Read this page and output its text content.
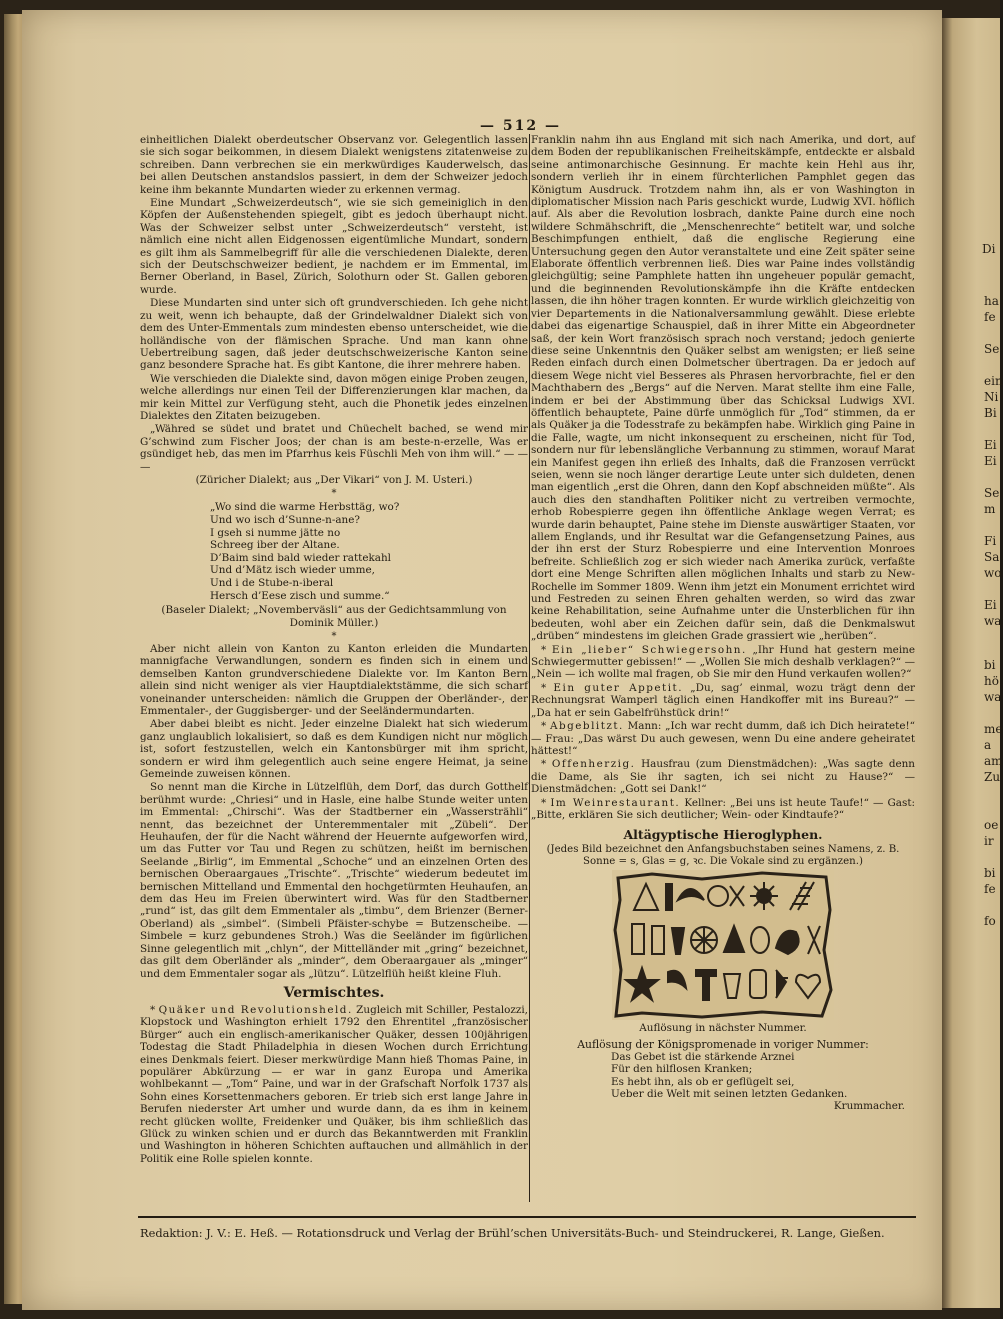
— 512 —

einheitlichen Dialekt oberdeutscher Observanz vor. Gelegentlich lassen sie sich sogar beikommen, in diesem Dialekt wenigstens zitatenweise zu schreiben. Dann verbrechen sie ein merkwürdiges Kauderwelsch, das bei allen Deutschen anstandslos passiert, in dem der Schweizer jedoch keine ihm bekannte Mundarten wieder zu erkennen vermag.

Eine Mundart „Schweizerdeutsch“, wie sie sich gemeiniglich in den Köpfen der Außenstehenden spiegelt, gibt es jedoch überhaupt nicht. Was der Schweizer selbst unter „Schweizerdeutsch“ versteht, ist nämlich eine nicht allen Eidgenossen eigentümliche Mundart, sondern es gilt ihm als Sammelbegriff für alle die verschiedenen Dialekte, deren sich der Deutschschweizer bedient, je nachdem er im Emmental, im Berner Oberland, in Basel, Zürich, Solothurn oder St. Gallen geboren wurde.

Diese Mundarten sind unter sich oft grundverschieden. Ich gehe nicht zu weit, wenn ich behaupte, daß der Grindelwaldner Dialekt sich von dem des Unter-Emmentals zum mindesten ebenso unterscheidet, wie die holländische von der flämischen Sprache. Und man kann ohne Uebertreibung sagen, daß jeder deutschschweizerische Kanton seine ganz besondere Sprache hat. Es gibt Kantone, die ihrer mehrere haben.

Wie verschieden die Dialekte sind, davon mögen einige Proben zeugen, welche allerdings nur einen Teil der Differenzierungen klar machen, da mir kein Mittel zur Verfügung steht, auch die Phonetik jedes einzelnen Dialektes den Zitaten beizugeben.

„Währed se südet und bratet und Chüechelt bached, se wend mir G’schwind zum Fischer Joos; der chan is am beste-n-erzelle, Was er gsündiget heb, das men im Pfarrhus keis Füschli Meh von ihm will.“ — — —

(Züricher Dialekt; aus „Der Vikari“ von J. M. Usteri.)
*
„Wo sind die warme Herbsttäg, wo?
Und wo isch d’Sunne-n-ane?
I gseh si numme jätte no
Schreeg iber der Altane.
D’Baim sind bald wieder rattekahl
Und d’Mätz isch wieder umme,
Und i de Stube-n-iberal
Hersch d’Eese zisch und summe.“
(Baseler Dialekt; „Novemberväsli“ aus der Gedichtsammlung von Dominik Müller.)
*

Aber nicht allein von Kanton zu Kanton erleiden die Mundarten mannigfache Verwandlungen, sondern es finden sich in einem und demselben Kanton grundverschiedene Dialekte vor. Im Kanton Bern allein sind nicht weniger als vier Hauptdialektstämme, die sich scharf voneinander unterscheiden: nämlich die Gruppen der Oberländer-, der Emmentaler-, der Guggisberger- und der Seeländermundarten.

Aber dabei bleibt es nicht. Jeder einzelne Dialekt hat sich wiederum ganz unglaublich lokalisiert, so daß es dem Kundigen nicht nur möglich ist, sofort festzustellen, welch ein Kantonsbürger mit ihm spricht, sondern er wird ihm gelegentlich auch seine engere Heimat, ja seine Gemeinde zuweisen können.

So nennt man die Kirche in Lützelflüh, dem Dorf, das durch Gotthelf berühmt wurde: „Chriesi“ und in Hasle, eine halbe Stunde weiter unten im Emmental: „Chirschi“. Was der Stadtberner ein „Wassersträhli“ nennt, das bezeichnet der Unteremmentaler mit „Zübeli“. Der Heuhaufen, der für die Nacht während der Heuernte aufgeworfen wird, um das Futter vor Tau und Regen zu schützen, heißt im bernischen Seelande „Birlig“, im Emmental „Schoche“ und an einzelnen Orten des bernischen Oberaargaues „Trischte“. „Trischte“ wiederum bedeutet im bernischen Mittelland und Emmental den hochgetürmten Heuhaufen, an dem das Heu im Freien überwintert wird. Was für den Stadtberner „rund“ ist, das gilt dem Emmentaler als „timbu“, dem Brienzer (Berner-Oberland) als „simbel“. (Simbeli Pfäister-schybe = Butzenscheibe. — Simbele = kurz gebundenes Stroh.) Was die Seeländer im figürlichen Sinne gelegentlich mit „chlyn“, der Mittelländer mit „gring“ bezeichnet, das gilt dem Oberländer als „minder“, dem Oberaargauer als „minger“ und dem Emmentaler sogar als „lützu“. Lützelflüh heißt kleine Fluh.

Vermischtes.

* Quäker und Revolutionsheld. Zugleich mit Schiller, Pestalozzi, Klopstock und Washington erhielt 1792 den Ehrentitel „französischer Bürger“ auch ein englisch-amerikanischer Quäker, dessen 100jährigen Todestag die Stadt Philadelphia in diesen Wochen durch Errichtung eines Denkmals feiert. Dieser merkwürdige Mann hieß Thomas Paine, in populärer Abkürzung — er war in ganz Europa und Amerika wohlbekannt — „Tom“ Paine, und war in der Grafschaft Norfolk 1737 als Sohn eines Korsettenmachers geboren. Er trieb sich erst lange Jahre in Berufen niederster Art umher und wurde dann, da es ihm in keinem recht glücken wollte, Freidenker und Quäker, bis ihm schließlich das Glück zu winken schien und er durch das Bekanntwerden mit Franklin und Washington in höheren Schichten auftauchen und allmählich in der Politik eine Rolle spielen konnte.

Franklin nahm ihn aus England mit sich nach Amerika, und dort, auf dem Boden der republikanischen Freiheitskämpfe, entdeckte er alsbald seine antimonarchische Gesinnung. Er machte kein Hehl aus ihr, sondern verlieh ihr in einem fürchterlichen Pamphlet gegen das Königtum Ausdruck. Trotzdem nahm ihn, als er von Washington in diplomatischer Mission nach Paris geschickt wurde, Ludwig XVI. höflich auf. Als aber die Revolution losbrach, dankte Paine durch eine noch wildere Schmähschrift, die „Menschenrechte“ betitelt war, und solche Beschimpfungen enthielt, daß die englische Regierung eine Untersuchung gegen den Autor veranstaltete und eine Zeit später seine Elaborate öffentlich verbrennen ließ. Dies war Paine indes vollständig gleichgültig; seine Pamphlete hatten ihn ungeheuer populär gemacht, und die beginnenden Revolutionskämpfe ihn die Kräfte entdecken lassen, die ihn höher tragen konnten. Er wurde wirklich gleichzeitig von vier Departements in die Nationalversammlung gewählt. Diese erlebte dabei das eigenartige Schauspiel, daß in ihrer Mitte ein Abgeordneter saß, der kein Wort französisch sprach noch verstand; jedoch genierte diese seine Unkenntnis den Quäker selbst am wenigsten; er ließ seine Reden einfach durch einen Dolmetscher übertragen. Da er jedoch auf diesem Wege nicht viel Besseres als Phrasen hervorbrachte, fiel er den Machthabern des „Bergs“ auf die Nerven. Marat stellte ihm eine Falle, indem er bei der Abstimmung über das Schicksal Ludwigs XVI. öffentlich behauptete, Paine dürfe unmöglich für „Tod“ stimmen, da er als Quäker ja die Todesstrafe zu bekämpfen habe. Wirklich ging Paine in die Falle, wagte, um nicht inkonsequent zu erscheinen, nicht für Tod, sondern nur für lebenslängliche Verbannung zu stimmen, worauf Marat ein Manifest gegen ihn erließ des Inhalts, daß die Franzosen verrückt seien, wenn sie noch länger derartige Leute unter sich duldeten, denen man eigentlich „erst die Ohren, dann den Kopf abschneiden müßte“. Als auch dies den standhaften Politiker nicht zu vertreiben vermochte, erhob Robespierre gegen ihn öffentliche Anklage wegen Verrat; es wurde darin behauptet, Paine stehe im Dienste auswärtiger Staaten, vor allem Englands, und ihr Resultat war die Gefangensetzung Paines, aus der ihn erst der Sturz Robespierre und eine Intervention Monroes befreite. Schließlich zog er sich wieder nach Amerika zurück, verfaßte dort eine Menge Schriften allen möglichen Inhalts und starb zu New-Rochelle im Sommer 1809. Wenn ihm jetzt ein Monument errichtet wird und Festreden zu seinen Ehren gehalten werden, so wird das zwar keine Rehabilitation, seine Aufnahme unter die Unsterblichen für ihn bedeuten, wohl aber ein Zeichen dafür sein, daß die Denkmalswut „drüben“ mindestens im gleichen Grade grassiert wie „herüben“.

* Ein „lieber“ Schwiegersohn. „Ihr Hund hat gestern meine Schwiegermutter gebissen!“ — „Wollen Sie mich deshalb verklagen?“ — „Nein — ich wollte mal fragen, ob Sie mir den Hund verkaufen wollen?“

* Ein guter Appetit. „Du, sag’ einmal, wozu trägt denn der Rechnungsrat Wamperl täglich einen Handkoffer mit ins Bureau?“ — „Da hat er sein Gabelfrühstück drin!“

* Abgeblitzt. Mann: „Ich war recht dumm, daß ich Dich heiratete!“ — Frau: „Das wärst Du auch gewesen, wenn Du eine andere geheiratet hättest!“

* Offenherzig. Hausfrau (zum Dienstmädchen): „Was sagte denn die Dame, als Sie ihr sagten, ich sei nicht zu Hause?“ — Dienstmädchen: „Gott sei Dank!“

* Im Weinrestaurant. Kellner: „Bei uns ist heute Taufe!“ — Gast: „Bitte, erklären Sie sich deutlicher; Wein- oder Kindtaufe?“

Altägyptische Hieroglyphen.
(Jedes Bild bezeichnet den Anfangsbuchstaben seines Namens, z. B. Sonne = s, Glas = g, ꝛc. Die Vokale sind zu ergänzen.)
Auflösung in nächster Nummer.
Auflösung der Königspromenade in voriger Nummer:
Das Gebet ist die stärkende Arznei
Für den hilflosen Kranken;
Es hebt ihn, als ob er geflügelt sei,
Ueber die Welt mit seinen letzten Gedanken.
Krummacher.
Redaktion: J. V.: E. Heß. — Rotationsdruck und Verlag der Brühl’schen Universitäts-Buch- und Steindruckerei, R. Lange, Gießen.
Di
ha
fe
Se
ein
Ni
Bi
Ei
Ei
Se
m
Fi
Sa
wo
Ei
wa
bi
hö
wa
me
a
am
Zu
oe
ir
bi
fe
fo
